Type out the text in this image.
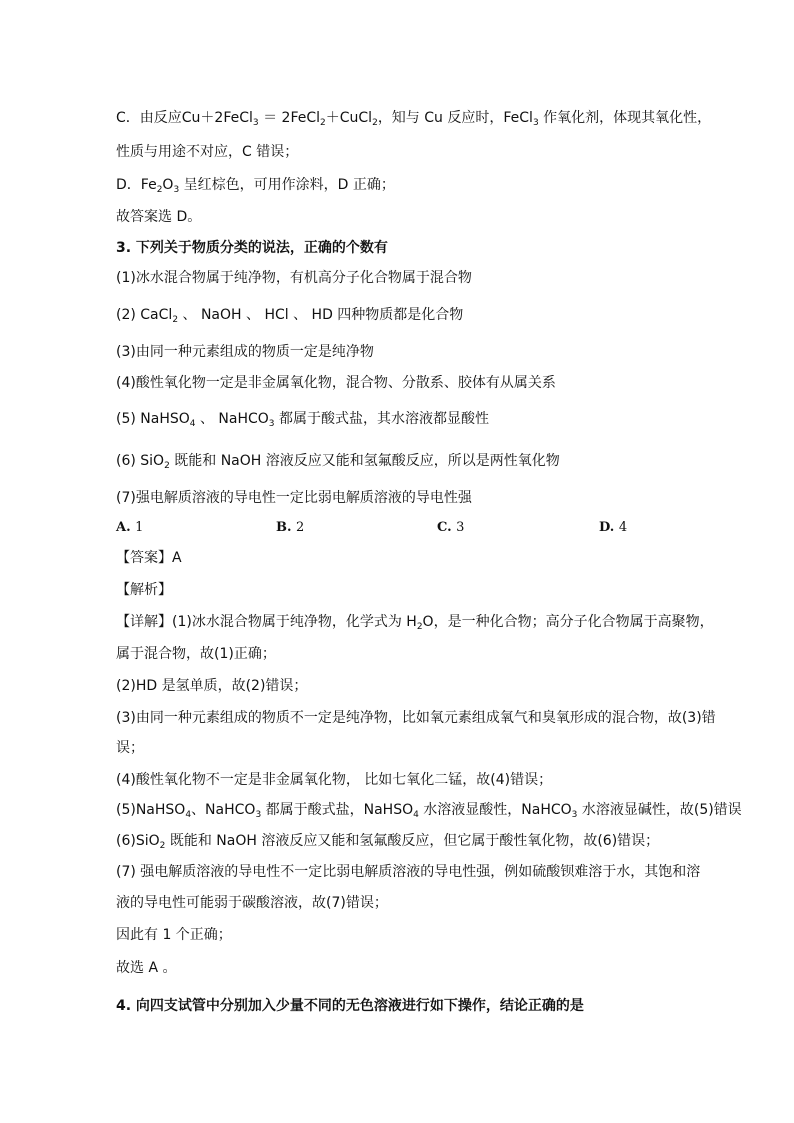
C．由反应Cu＋2FeCl$_3$ ＝ 2FeCl$_2$＋CuCl$_2$，知与 Cu 反应时，FeCl$_3$ 作氧化剂，体现其氧化性，
性质与用途不对应，C 错误；
D．$Fe_2O_3$ 呈红棕色，可用作涂料，D 正确；
故答案选 D。
3. 下列关于物质分类的说法，正确的个数有
(1)冰水混合物属于纯净物，有机高分子化合物属于混合物
(2) CaCl$_2$ 、 NaOH 、 HCl 、 HD 四种物质都是化合物
(3)由同一种元素组成的物质一定是纯净物
(4)酸性氧化物一定是非金属氧化物，混合物、分散系、胶体有从属关系
(5) NaHSO$_4$ 、 NaHCO$_3$ 都属于酸式盐，其水溶液都显酸性
(6) SiO$_2$ 既能和 NaOH 溶液反应又能和氢氟酸反应，所以是两性氧化物
(7)强电解质溶液的导电性一定比弱电解质溶液的导电性强
【答案】A
【解析】
【详解】(1)冰水混合物属于纯净物，化学式为 $H_2O$，是一种化合物；高分子化合物属于高聚物，
属于混合物，故(1)正确；
(2)HD 是氢单质，故(2)错误；
(3)由同一种元素组成的物质不一定是纯净物，比如氧元素组成氧气和臭氧形成的混合物，故(3)错
误；
(4)酸性氧化物不一定是非金属氧化物， 比如七氧化二锰，故(4)错误；
(5)NaHSO$_4$、NaHCO$_3$ 都属于酸式盐，NaHSO$_4$ 水溶液显酸性，NaHCO$_3$ 水溶液显碱性，故(5)错误
(6)SiO$_2$ 既能和 NaOH 溶液反应又能和氢氟酸反应，但它属于酸性氧化物，故(6)错误；
(7) 强电解质溶液的导电性不一定比弱电解质溶液的导电性强，例如硫酸钡难溶于水，其饱和溶
液的导电性可能弱于碳酸溶液，故(7)错误；
因此有 1 个正确；
故选 A 。
4. 向四支试管中分别加入少量不同的无色溶液进行如下操作，结论正确的是
A. 1	B. 2	C. 3	D. 4
